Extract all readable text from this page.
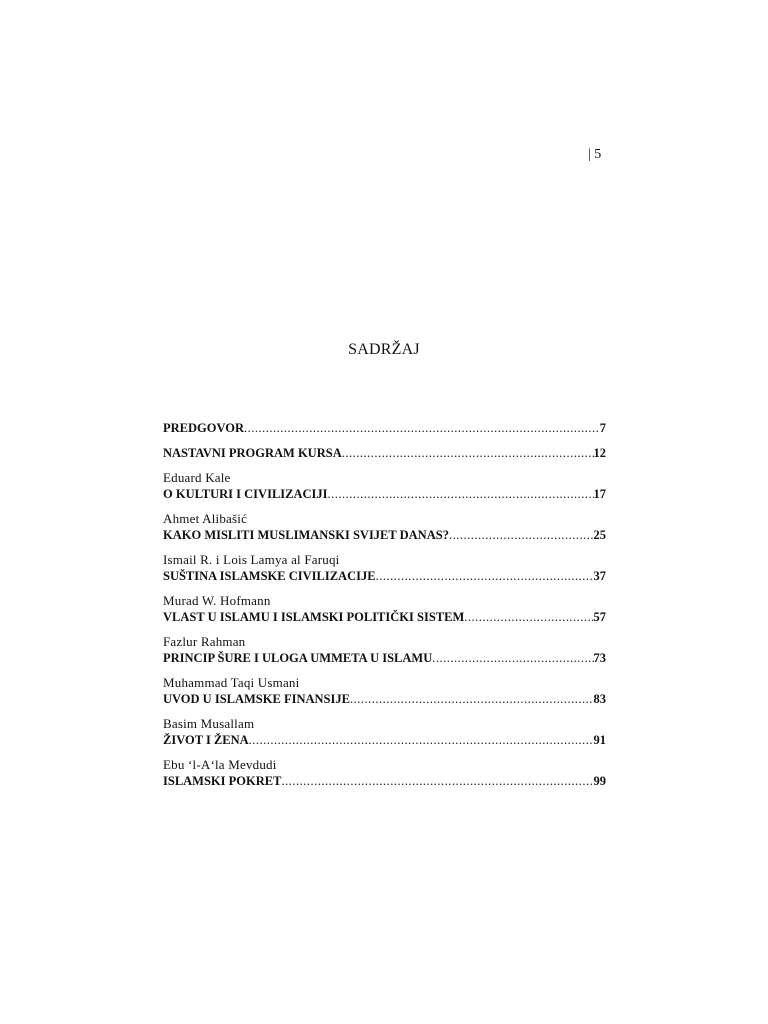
| 5
SADRŽAJ
PREDGOVOR .....	7
NASTAVNI PROGRAM KURSA .....	12
Eduard Kale
O KULTURI I CIVILIZACIJI .....	17
Ahmet Alibašić
KAKO MISLITI MUSLIMANSKI SVIJET DANAS? .....	25
Ismail R. i Lois Lamya al Faruqi
SUŠTINA ISLAMSKE CIVILIZACIJE .....	37
Murad W. Hofmann
VLAST U ISLAMU I ISLAMSKI POLITIČKI SISTEM .....	57
Fazlur Rahman
PRINCIP ŠURE I ULOGA UMMETA U ISLAMU .....	73
Muhammad Taqi Usmani
UVOD U ISLAMSKE FINANSIJE .....	83
Basim Musallam
ŽIVOT I ŽENA .....	91
Ebu ‘l-A‘la Mevdudi
ISLAMSKI POKRET .....	99
